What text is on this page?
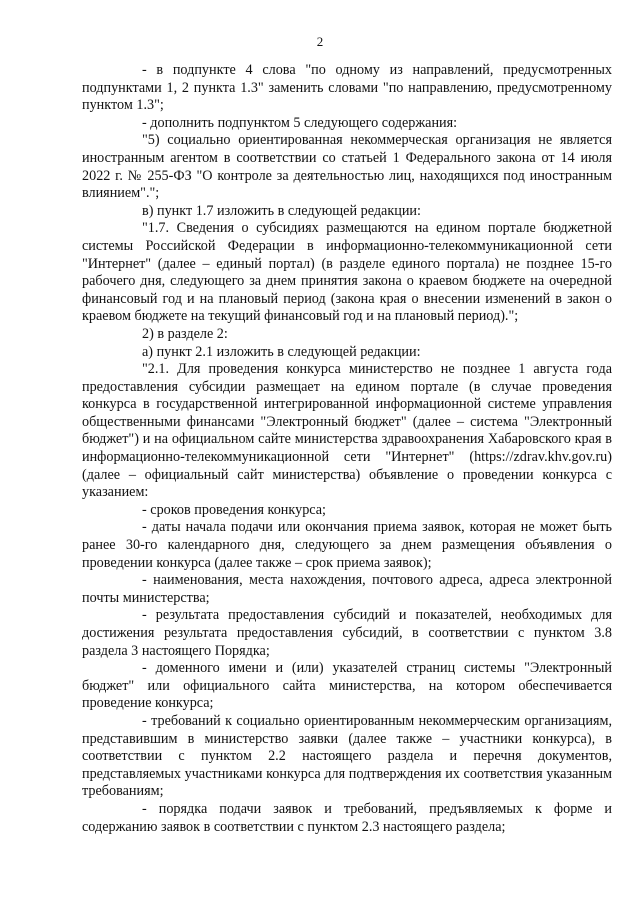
2

- в подпункте 4 слова "по одному из направлений, предусмотренных подпунктами 1, 2 пункта 1.3" заменить словами "по направлению, предусмотренному пунктом 1.3";

- дополнить подпунктом 5 следующего содержания:

"5) социально ориентированная некоммерческая организация не является иностранным агентом в соответствии со статьей 1 Федерального закона от 14 июля 2022 г. № 255-ФЗ "О контроле за деятельностью лиц, находящихся под иностранным влиянием".";

в) пункт 1.7 изложить в следующей редакции:

"1.7. Сведения о субсидиях размещаются на едином портале бюджетной системы Российской Федерации в информационно-телекоммуникационной сети "Интернет" (далее – единый портал) (в разделе единого портала) не позднее 15-го рабочего дня, следующего за днем принятия закона о краевом бюджете на очередной финансовый год и на плановый период (закона края о внесении изменений в закон о краевом бюджете на текущий финансовый год и на плановый период).";

2) в разделе 2:

а) пункт 2.1 изложить в следующей редакции:

"2.1. Для проведения конкурса министерство не позднее 1 августа года предоставления субсидии размещает на едином портале (в случае проведения конкурса в государственной интегрированной информационной системе управления общественными финансами "Электронный бюджет" (далее – система "Электронный бюджет") и на официальном сайте министерства здравоохранения Хабаровского края в информационно-телекоммуникационной сети "Интернет" (https://zdrav.khv.gov.ru) (далее – официальный сайт министерства) объявление о проведении конкурса с указанием:

- сроков проведения конкурса;

- даты начала подачи или окончания приема заявок, которая не может быть ранее 30-го календарного дня, следующего за днем размещения объявления о проведении конкурса (далее также – срок приема заявок);

- наименования, места нахождения, почтового адреса, адреса электронной почты министерства;

- результата предоставления субсидий и показателей, необходимых для достижения результата предоставления субсидий, в соответствии с пунктом 3.8 раздела 3 настоящего Порядка;

- доменного имени и (или) указателей страниц системы "Электронный бюджет" или официального сайта министерства, на котором обеспечивается проведение конкурса;

- требований к социально ориентированным некоммерческим организациям, представившим в министерство заявки (далее также – участники конкурса), в соответствии с пунктом 2.2 настоящего раздела и перечня документов, представляемых участниками конкурса для подтверждения их соответствия указанным требованиям;

- порядка подачи заявок и требований, предъявляемых к форме и содержанию заявок в соответствии с пунктом 2.3 настоящего раздела;
